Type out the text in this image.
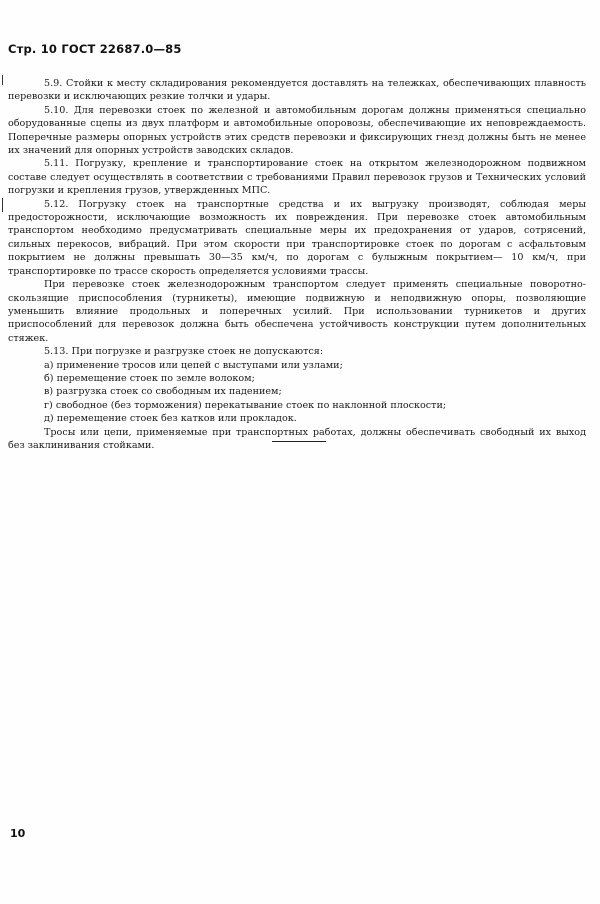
Стр. 10 ГОСТ 22687.0—85

5.9. Стойки к месту складирования рекомендуется доставлять на тележках, обеспечивающих плавность перевозки и исключающих резкие толчки и удары.

5.10. Для перевозки стоек по железной и автомобильным дорогам должны применяться специально оборудованные сцепы из двух платформ и автомобильные опоровозы, обеспечивающие их неповреждаемость. Поперечные размеры опорных устройств этих средств перевозки и фиксирующих гнезд должны быть не менее их значений для опорных устройств заводских складов.

5.11. Погрузку, крепление и транспортирование стоек на открытом железнодорожном подвижном составе следует осуществлять в соответствии с требованиями Правил перевозок грузов и Технических условий погрузки и крепления грузов, утвержденных МПС.

5.12. Погрузку стоек на транспортные средства и их выгрузку производят, соблюдая меры предосторожности, исключающие возможность их повреждения. При перевозке стоек автомобильным транспортом необходимо предусматривать специальные меры их предохранения от ударов, сотрясений, сильных перекосов, вибраций. При этом скорости при транспортировке стоек по дорогам с асфальтовым покрытием не должны превышать 30—35 км/ч, по дорогам с булыжным покрытием— 10 км/ч, при транспортировке по трассе скорость определяется условиями трассы.

При перевозке стоек железнодорожным транспортом следует применять специальные поворотно-скользящие приспособления (турникеты), имеющие подвижную и неподвижную опоры, позволяющие уменьшить влияние продольных и поперечных усилий. При использовании турникетов и других приспособлений для перевозок должна быть обеспечена устойчивость конструкции путем дополнительных стяжек.

5.13. При погрузке и разгрузке стоек не допускаются:

а) применение тросов или цепей с выступами или узлами;

б) перемещение стоек по земле волоком;

в) разгрузка стоек со свободным их падением;

г) свободное (без торможения) перекатывание стоек по наклонной плоскости;

д) перемещение стоек без катков или прокладок.

Тросы или цепи, применяемые при транспортных работах, должны обеспечивать свободный их выход без заклинивания стойками.

10
